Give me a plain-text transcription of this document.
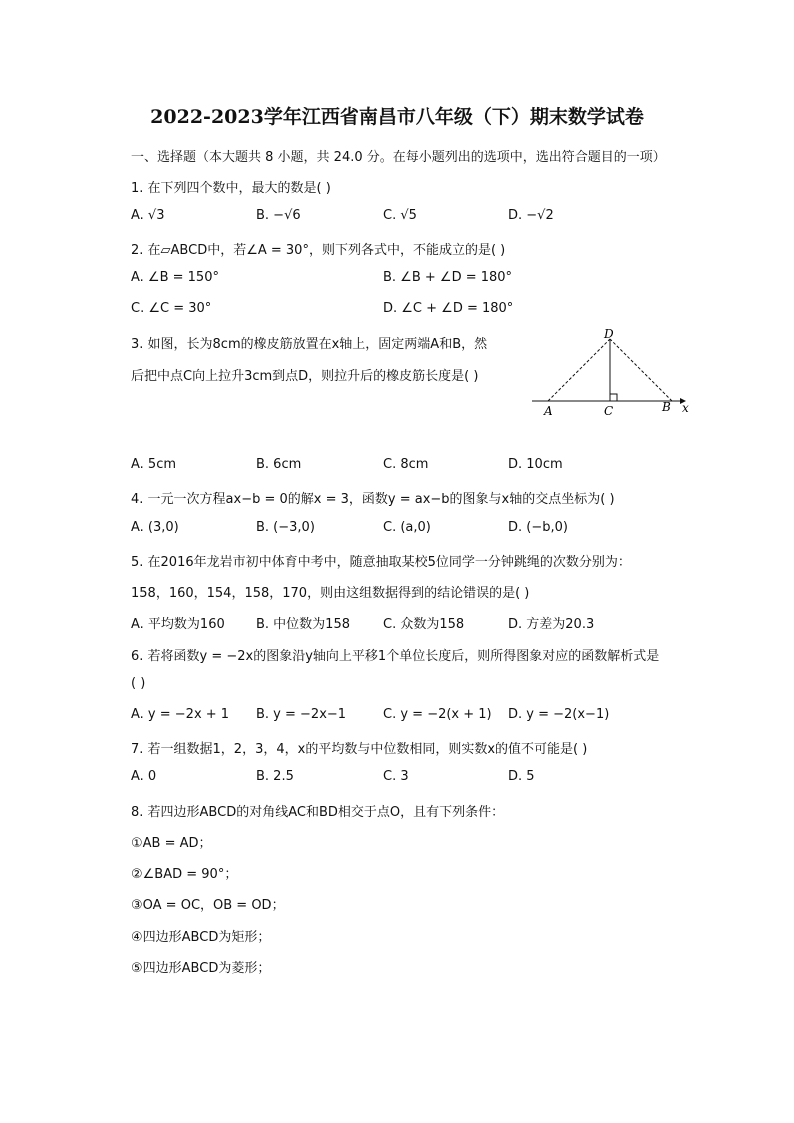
2022-2023学年江西省南昌市八年级（下）期末数学试卷
一、选择题（本大题共 8 小题，共 24.0 分。在每小题列出的选项中，选出符合题目的一项）
1. 在下列四个数中，最大的数是( )
A. √3	B. −√6	C. √5	D. −√2
2. 在▱ABCD中，若∠A = 30°，则下列各式中，不能成立的是( )
A. ∠B = 150°	B. ∠B + ∠D = 180°
C. ∠C = 30°	D. ∠C + ∠D = 180°
3. 如图，长为8cm的橡皮筋放置在x轴上，固定两端A和B，然
后把中点C向上拉升3cm到点D，则拉升后的橡皮筋长度是( )
D
A	C	B x
A. 5cm	B. 6cm	C. 8cm	D. 10cm
4. 一元一次方程ax−b = 0的解x = 3，函数y = ax−b的图象与x轴的交点坐标为( )
A. (3,0)	B. (−3,0)	C. (a,0)	D. (−b,0)
5. 在2016年龙岩市初中体育中考中，随意抽取某校5位同学一分钟跳绳的次数分别为：
158，160，154，158，170，则由这组数据得到的结论错误的是( )
A. 平均数为160 B. 中位数为158	C. 众数为158	D. 方差为20.3
6. 若将函数y = −2x的图象沿y轴向上平移1个单位长度后，则所得图象对应的函数解析式是
( )
A. y = −2x + 1 B. y = −2x−1	C. y = −2(x + 1) D. y = −2(x−1)
7. 若一组数据1，2，3，4，x的平均数与中位数相同，则实数x的值不可能是( )
A. 0	B. 2.5	C. 3	D. 5
8. 若四边形ABCD的对角线AC和BD相交于点O，且有下列条件：
①AB = AD；
②∠BAD = 90°；
③OA = OC，OB = OD；
④四边形ABCD为矩形；
⑤四边形ABCD为菱形；
